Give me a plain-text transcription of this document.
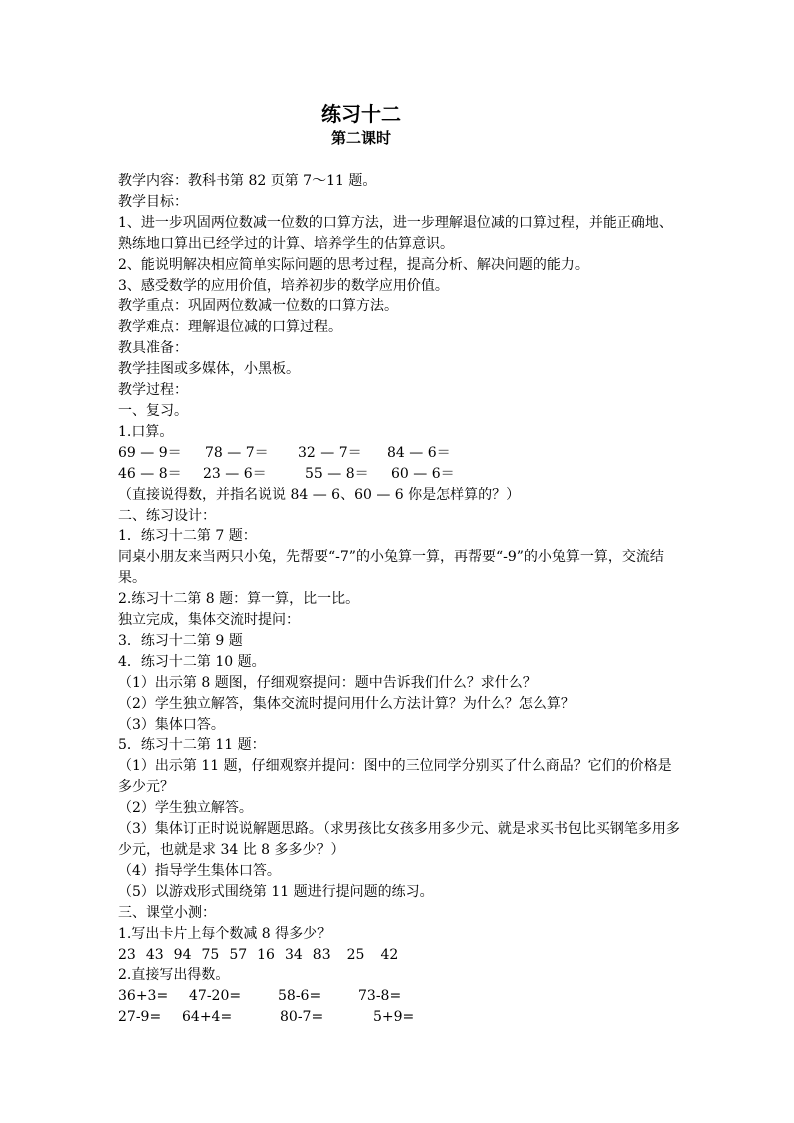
练习十二
第二课时

教学内容：教科书第 82 页第 7～11 题。

教学目标：

1、进一步巩固两位数减一位数的口算方法，进一步理解退位减的口算过程，并能正确地、熟练地口算出已经学过的计算、培养学生的估算意识。

2、能说明解决相应简单实际问题的思考过程，提高分析、解决问题的能力。

3、感受数学的应用价值，培养初步的数学应用价值。

教学重点：巩固两位数减一位数的口算方法。

教学难点：理解退位减的口算过程。

教具准备：

教学挂图或多媒体，小黑板。

教学过程：

一、复习。

1.口算。

69 — 9＝	78 — 7＝	32 — 7＝	84 — 6＝
46 — 8＝	23 — 6＝	55 — 8＝	60 — 6＝

（直接说得数，并指名说说 84 — 6、60 — 6 你是怎样算的？）

二、练习设计：

1．练习十二第 7 题：

同桌小朋友来当两只小兔，先帮要“-7”的小兔算一算，再帮要“-9”的小兔算一算，交流结果。

2.练习十二第 8 题：算一算，比一比。

独立完成，集体交流时提问：

3．练习十二第 9 题

4．练习十二第 10 题。

（1）出示第 8 题图，仔细观察提问：题中告诉我们什么？求什么？

（2）学生独立解答，集体交流时提问用什么方法计算？为什么？怎么算？

（3）集体口答。

5．练习十二第 11 题：

（1）出示第 11 题，仔细观察并提问：图中的三位同学分别买了什么商品？它们的价格是多少元？

（2）学生独立解答。

（3）集体订正时说说解题思路。（求男孩比女孩多用多少元、就是求买书包比买钢笔多用多少元，也就是求 34 比 8 多多少？）

（4）指导学生集体口答。

（5）以游戏形式围绕第 11 题进行提问题的练习。

三、课堂小测：

1.写出卡片上每个数减 8 得多少？

23 43 94 75 57 16 34 83 25 42

2.直接写出得数。

36+3=	47-20=	58-6=	73-8=
27-9=	64+4=	80-7=	5+9=
